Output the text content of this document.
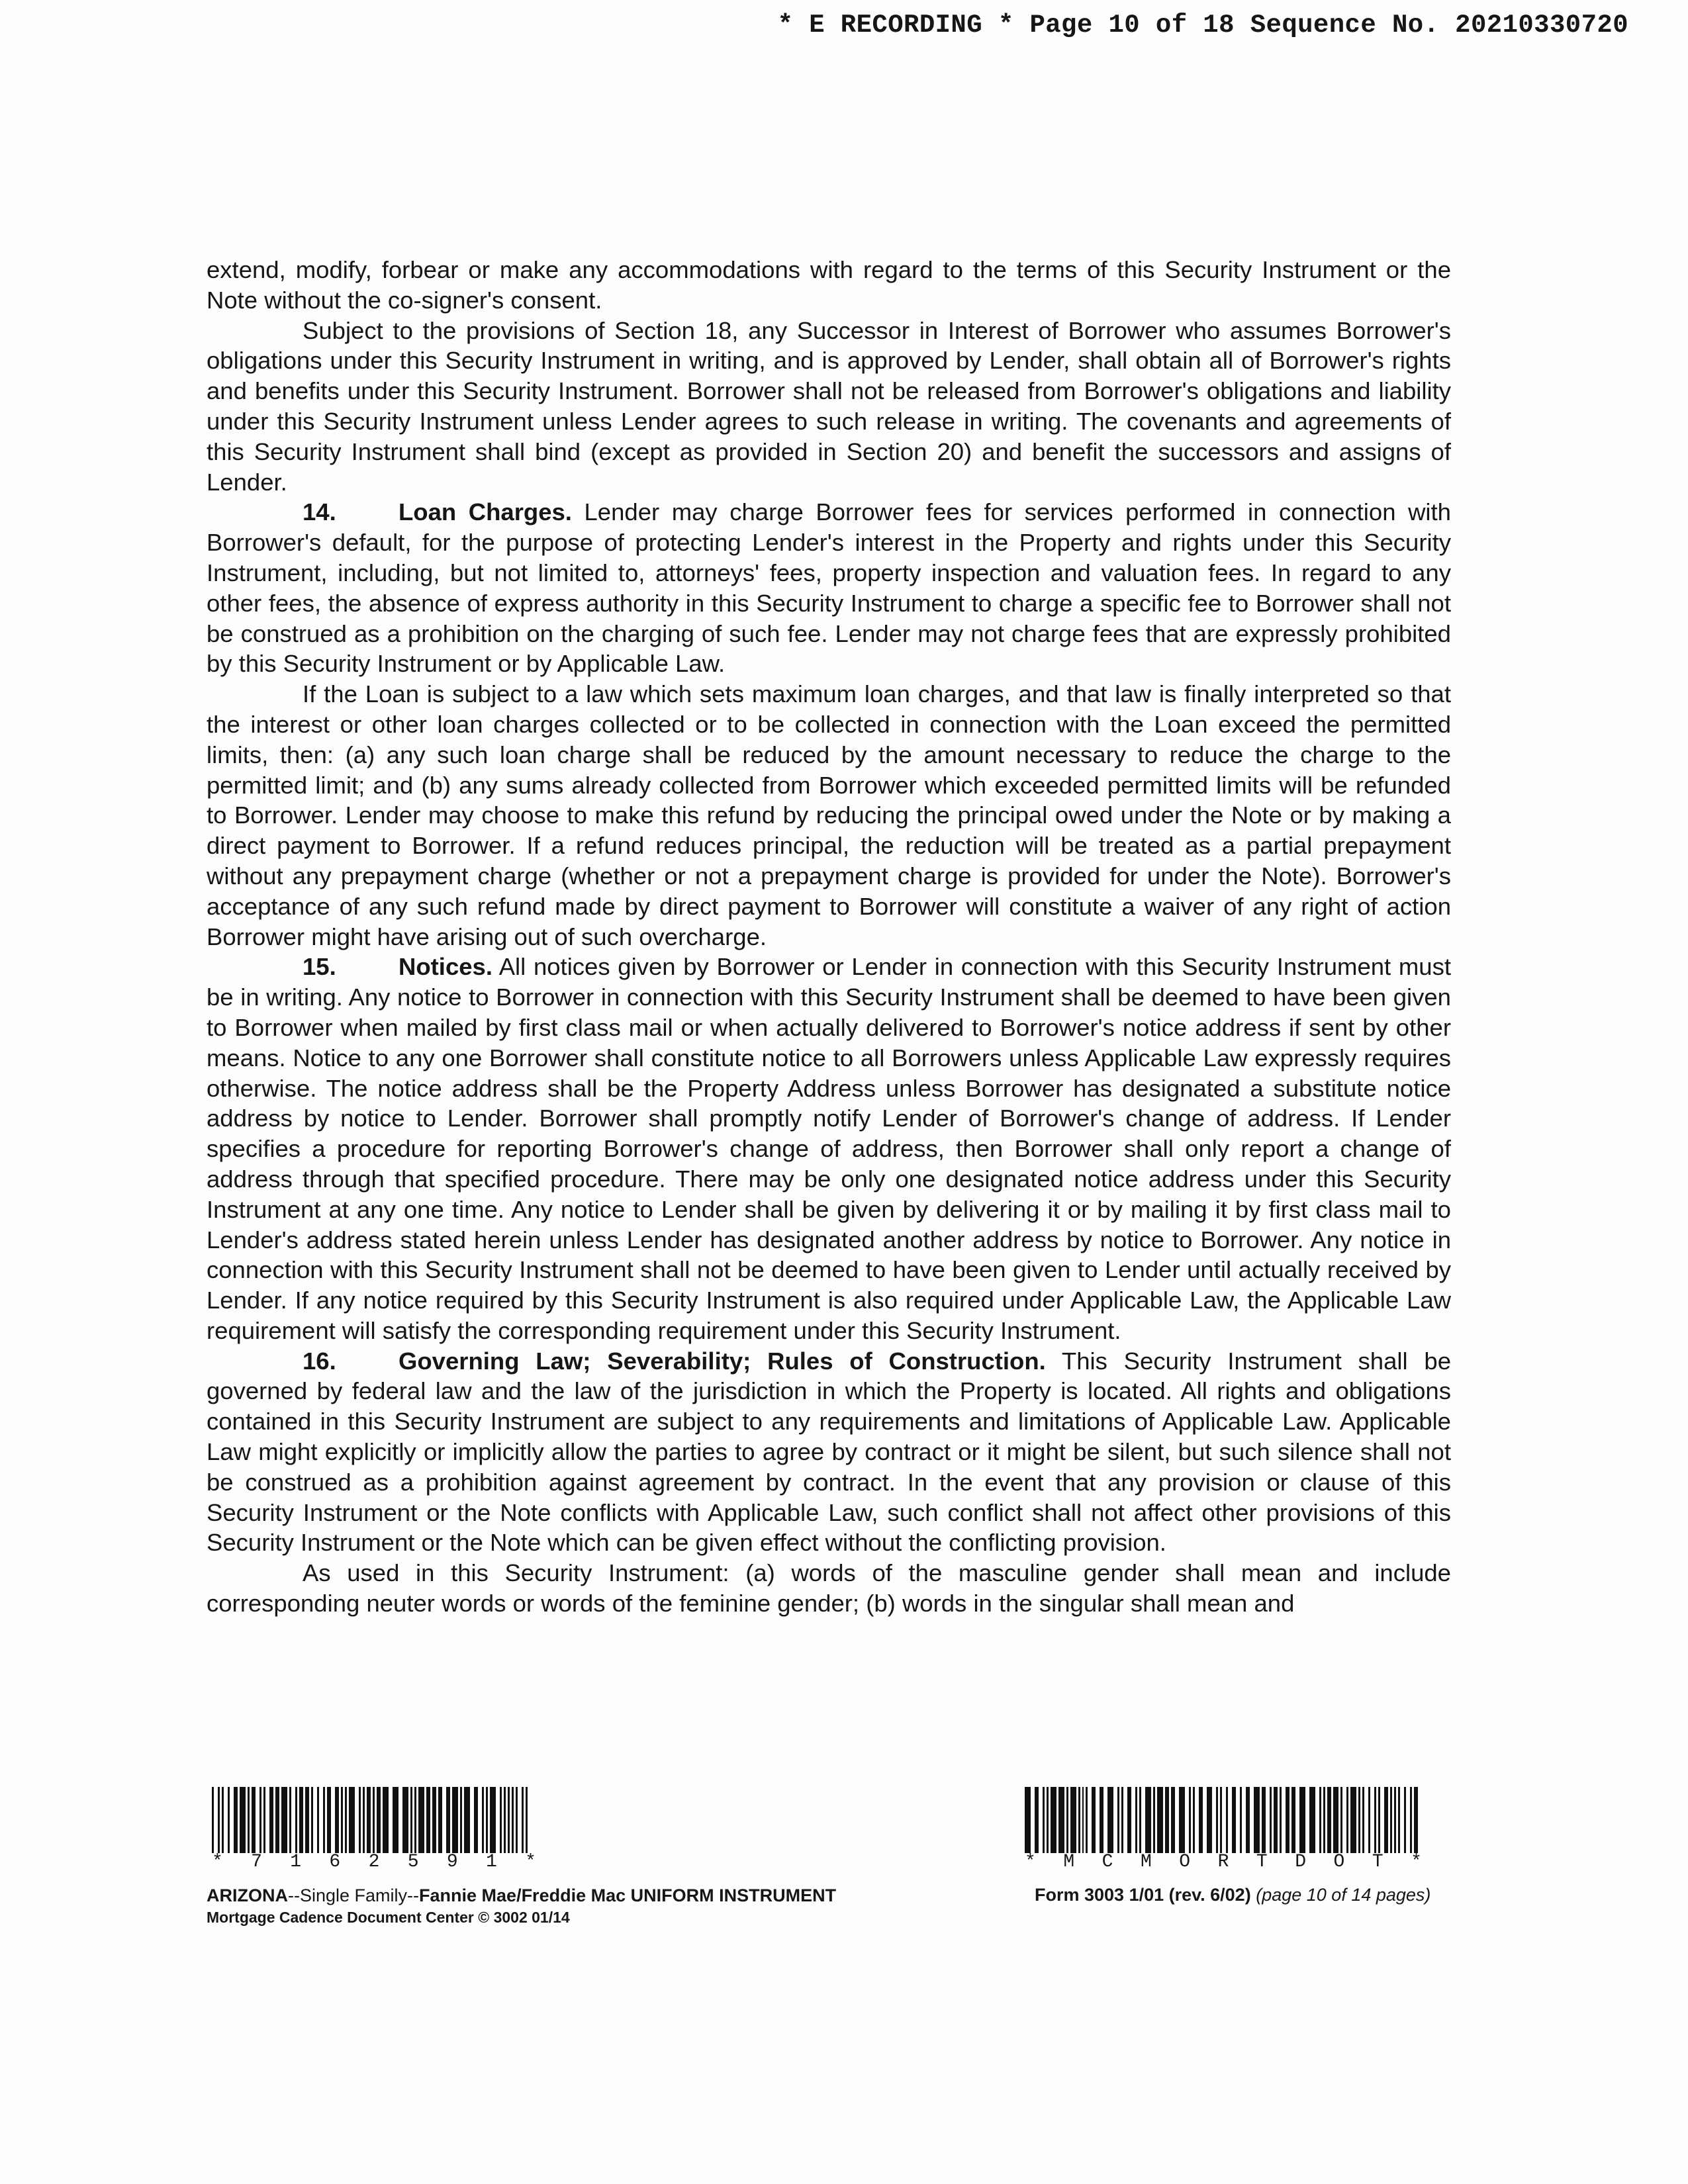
* E RECORDING * Page 10 of 18 Sequence No. 20210330720

extend, modify, forbear or make any accommodations with regard to the terms of this Security Instrument or the Note without the co-signer's consent.

Subject to the provisions of Section 18, any Successor in Interest of Borrower who assumes Borrower's obligations under this Security Instrument in writing, and is approved by Lender, shall obtain all of Borrower's rights and benefits under this Security Instrument. Borrower shall not be released from Borrower's obligations and liability under this Security Instrument unless Lender agrees to such release in writing. The covenants and agreements of this Security Instrument shall bind (except as provided in Section 20) and benefit the successors and assigns of Lender.

14.	Loan Charges. Lender may charge Borrower fees for services performed in connection with Borrower's default, for the purpose of protecting Lender's interest in the Property and rights under this Security Instrument, including, but not limited to, attorneys' fees, property inspection and valuation fees. In regard to any other fees, the absence of express authority in this Security Instrument to charge a specific fee to Borrower shall not be construed as a prohibition on the charging of such fee. Lender may not charge fees that are expressly prohibited by this Security Instrument or by Applicable Law.

If the Loan is subject to a law which sets maximum loan charges, and that law is finally interpreted so that the interest or other loan charges collected or to be collected in connection with the Loan exceed the permitted limits, then: (a) any such loan charge shall be reduced by the amount necessary to reduce the charge to the permitted limit; and (b) any sums already collected from Borrower which exceeded permitted limits will be refunded to Borrower. Lender may choose to make this refund by reducing the principal owed under the Note or by making a direct payment to Borrower. If a refund reduces principal, the reduction will be treated as a partial prepayment without any prepayment charge (whether or not a prepayment charge is provided for under the Note). Borrower's acceptance of any such refund made by direct payment to Borrower will constitute a waiver of any right of action Borrower might have arising out of such overcharge.

15.	Notices. All notices given by Borrower or Lender in connection with this Security Instrument must be in writing. Any notice to Borrower in connection with this Security Instrument shall be deemed to have been given to Borrower when mailed by first class mail or when actually delivered to Borrower's notice address if sent by other means. Notice to any one Borrower shall constitute notice to all Borrowers unless Applicable Law expressly requires otherwise. The notice address shall be the Property Address unless Borrower has designated a substitute notice address by notice to Lender. Borrower shall promptly notify Lender of Borrower's change of address. If Lender specifies a procedure for reporting Borrower's change of address, then Borrower shall only report a change of address through that specified procedure. There may be only one designated notice address under this Security Instrument at any one time. Any notice to Lender shall be given by delivering it or by mailing it by first class mail to Lender's address stated herein unless Lender has designated another address by notice to Borrower. Any notice in connection with this Security Instrument shall not be deemed to have been given to Lender until actually received by Lender. If any notice required by this Security Instrument is also required under Applicable Law, the Applicable Law requirement will satisfy the corresponding requirement under this Security Instrument.

16.	Governing Law; Severability; Rules of Construction. This Security Instrument shall be governed by federal law and the law of the jurisdiction in which the Property is located. All rights and obligations contained in this Security Instrument are subject to any requirements and limitations of Applicable Law. Applicable Law might explicitly or implicitly allow the parties to agree by contract or it might be silent, but such silence shall not be construed as a prohibition against agreement by contract. In the event that any provision or clause of this Security Instrument or the Note conflicts with Applicable Law, such conflict shall not affect other provisions of this Security Instrument or the Note which can be given effect without the conflicting provision.

As used in this Security Instrument: (a) words of the masculine gender shall mean and include corresponding neuter words or words of the feminine gender; (b) words in the singular shall mean and

* 7 1 6 2 5 9 1 *	* M C M O R T D O T *
ARIZONA--Single Family--Fannie Mae/Freddie Mac UNIFORM INSTRUMENT
Mortgage Cadence Document Center © 3002 01/14
Form 3003 1/01 (rev. 6/02) (page 10 of 14 pages)
